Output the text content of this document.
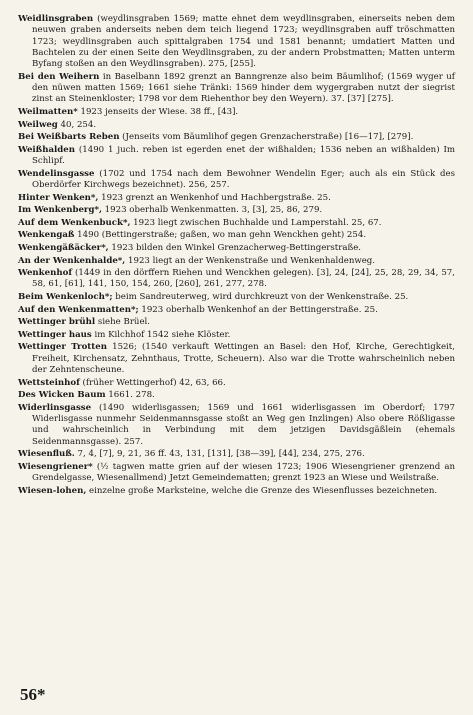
Weidlinsgraben (weydlinsgraben 1569; matte ehnet dem weydlinsgraben, einerseits neben dem neuwen graben anderseits neben dem teich liegend 1723; weydlinsgraben auff tröschmatten 1723; weydlinsgraben auch spittalgraben 1754 und 1581 benannt; umdatiert Matten und Bachtelen zu der einen Seite den Weydlinsgraben, zu der andern Probstmatten; Matten unterm Byfang stoßen an den Weydlinsgraben). 275, [255].

Bei den Weihern in Baselbann 1892 grenzt an Banngrenze also beim Bäumlihof; (1569 wyger uf den nüwen matten 1569; 1661 siehe Tränki: 1569 hinder dem wygergraben nutzt der siegrist zinst an Steinenkloster; 1798 vor dem Riehenthor bey den Weyern). 37. [37] [275].

Weilmatten* 1923 jenseits der Wiese. 38 ff., [43].

Weilweg 40, 254.

Bei Weißbarts Reben (Jenseits vom Bäumlihof gegen Grenzacherstraße) [16—17], [279].

Weißhalden (1490 1 juch. reben ist egerden enet der wißhalden; 1536 neben an wißhalden) Im Schlipf.

Wendelinsgasse (1702 und 1754 nach dem Bewohner Wendelin Eger; auch als ein Stück des Oberdörfer Kirchwegs bezeichnet). 256, 257.

Hinter Wenken*, 1923 grenzt an Wenkenhof und Hachbergstraße. 25.

Im Wenkenberg*, 1923 oberhalb Wenkenmatten. 3, [3], 25, 86, 279.

Auf dem Wenkenbuck*, 1923 liegt zwischen Buchhalde und Lamperstahl. 25, 67.

Wenkengaß 1490 (Bettingerstraße; gaßen, wo man gehn Wenckhen geht) 254.

Wenkengäßäcker*, 1923 bilden den Winkel Grenzacherweg-Bettingerstraße.

An der Wenkenhalde*, 1923 liegt an der Wenkenstraße und Wenkenhaldenweg.

Wenkenhof (1449 in den dörffern Riehen und Wenckhen gelegen). [3], 24, [24], 25, 28, 29, 34, 57, 58, 61, [61], 141, 150, 154, 260, [260], 261, 277, 278.

Beim Wenkenloch*; beim Sandreuterweg, wird durchkreuzt von der Wenkenstraße. 25.

Auf den Wenkenmatten*; 1923 oberhalb Wenkenhof an der Bettingerstraße. 25.

Wettinger brühl siehe Brüel.

Wettinger haus im Kilchhof 1542 siehe Klöster.

Wettinger Trotten 1526; (1540 verkauft Wettingen an Basel: den Hof, Kirche, Gerechtigkeit, Freiheit, Kirchensatz, Zehnthaus, Trotte, Scheuern). Also war die Trotte wahrscheinlich neben der Zehntenscheune.

Wettsteinhof (früher Wettingerhof) 42, 63, 66.

Des Wicken Baum 1661. 278.

Widerlinsgasse (1490 widerlisgassen; 1569 und 1661 widerlisgassen im Oberdorf; 1797 Widerlisgasse nunmehr Seidenmannsgasse stoßt an Weg gen Inzlingen) Also obere Rößligasse und wahrscheinlich in Verbindung mit dem jetzigen Davidsgäßlein (ehemals Seidenmannsgasse). 257.

Wiesenfluß. 7, 4, [7], 9, 21, 36 ff. 43, 131, [131], [38—39], [44], 234, 275, 276.

Wiesengriener* (½ tagwen matte grien auf der wiesen 1723; 1906 Wiesengriener grenzend an Grendelgasse, Wiesenallmend) Jetzt Gemeindematten; grenzt 1923 an Wiese und Weilstraße.

Wiesen-lohen, einzelne große Marksteine, welche die Grenze des Wiesenflusses bezeichneten.

56*
